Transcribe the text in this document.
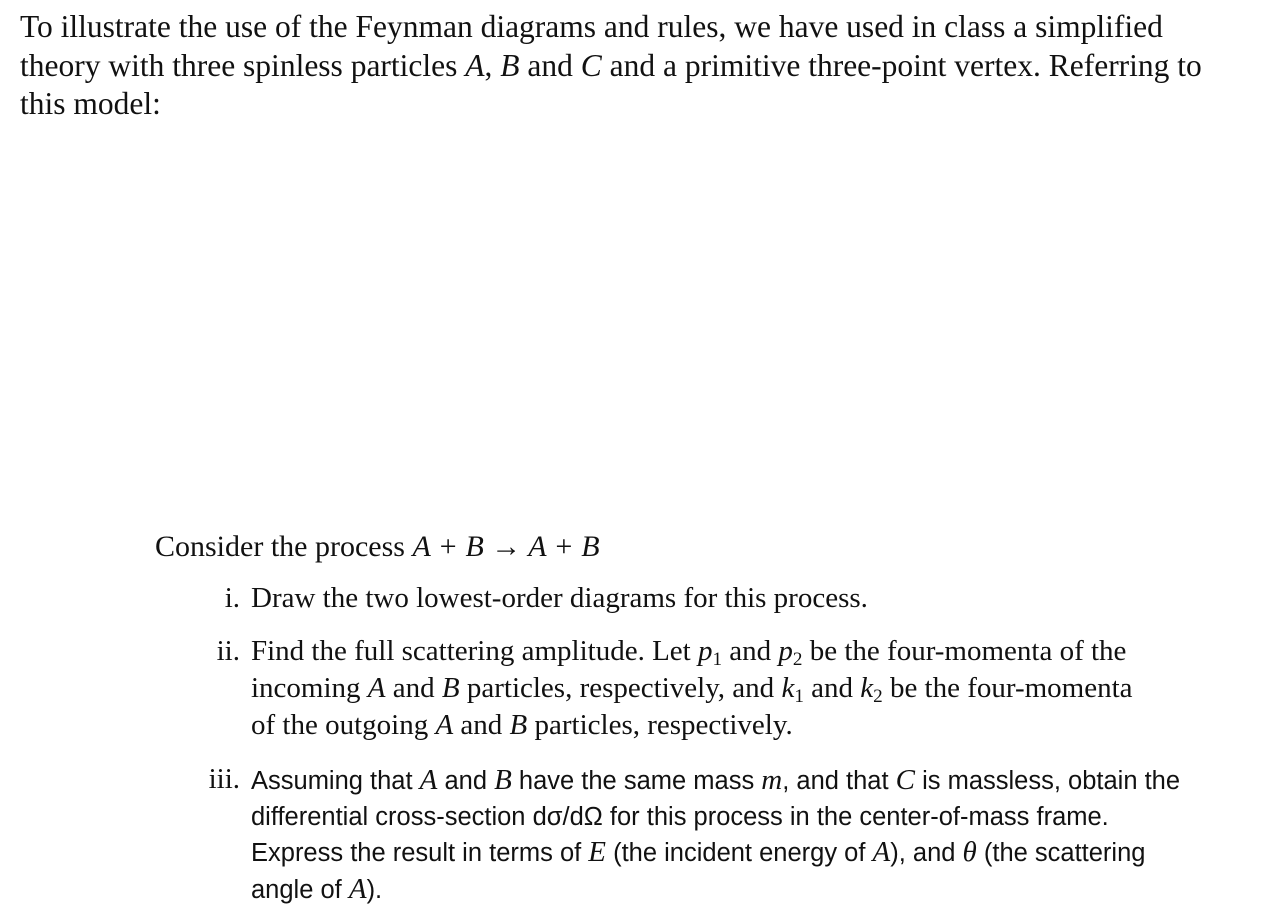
To illustrate the use of the Feynman diagrams and rules, we have used in class a simplified
theory with three spinless particles A, B and C and a primitive three-point vertex. Referring to
this model:

Consider the process A + B → A + B

i. Draw the two lowest-order diagrams for this process.
ii. Find the full scattering amplitude. Let $p_1$ and $p_2$ be the four-momenta of the
incoming A and B particles, respectively, and $k_1$ and $k_2$ be the four-momenta
of the outgoing A and B particles, respectively.
iii. Assuming that A and B have the same mass m, and that C is massless, obtain the
differential cross-section dσ/dΩ for this process in the center-of-mass frame.
Express the result in terms of E (the incident energy of A), and θ (the scattering
angle of A).
